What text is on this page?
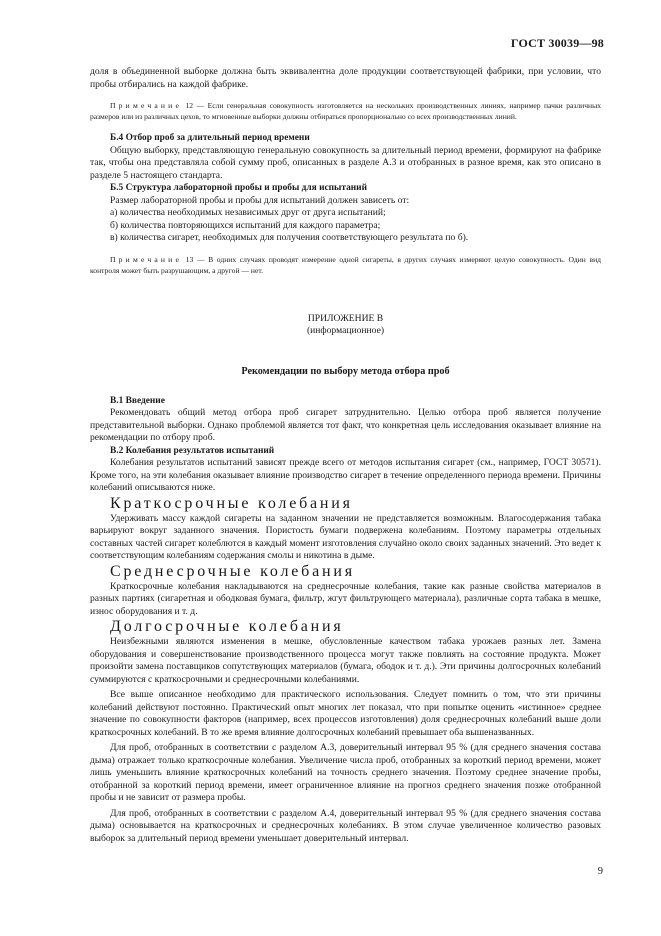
ГОСТ 30039—98

доля в объединенной выборке должна быть эквивалентна доле продукции соответствующей фабрики, при условии, что пробы отбирались на каждой фабрике.

Примечание 12 — Если генеральная совокупность изготовляется на нескольких производственных линиях, например пачки различных размеров или из различных цехов, то мгновенные выборки должны отбираться пропорционально со всех производственных линий.

Б.4 Отбор проб за длительный период времени

Общую выборку, представляющую генеральную совокупность за длительный период времени, формируют на фабрике так, чтобы она представляла собой сумму проб, описанных в разделе А.3 и отобранных в разное время, как это описано в разделе 5 настоящего стандарта.

Б.5 Структура лабораторной пробы и пробы для испытаний

Размер лабораторной пробы и пробы для испытаний должен зависеть от:

а) количества необходимых независимых друг от друга испытаний;
б) количества повторяющихся испытаний для каждого параметра;
в) количества сигарет, необходимых для получения соответствующего результата по б).

Примечание 13 — В одних случаях проводят измерение одной сигареты, в других случаях измеряют целую совокупность. Один вид контроля может быть разрушающим, а другой — нет.

ПРИЛОЖЕНИЕ В
(информационное)
Рекомендации по выбору метода отбора проб
В.1 Введение

Рекомендовать общий метод отбора проб сигарет затруднительно. Целью отбора проб является получение представительной выборки. Однако проблемой является тот факт, что конкретная цель исследования оказывает влияние на рекомендации по отбору проб.

В.2 Колебания результатов испытаний

Колебания результатов испытаний зависят прежде всего от методов испытания сигарет (см., например, ГОСТ 30571). Кроме того, на эти колебания оказывает влияние производство сигарет в течение определенного периода времени. Причины колебаний описываются ниже.

Краткосрочные колебания

Удерживать массу каждой сигареты на заданном значении не представляется возможным. Влагосодержания табака варьируют вокруг заданного значения. Пористость бумаги подвержена колебаниям. Поэтому параметры отдельных составных частей сигарет колеблются в каждый момент изготовления случайно около своих заданных значений. Это ведет к соответствующим колебаниям содержания смолы и никотина в дыме.

Среднесрочные колебания

Краткосрочные колебания накладываются на среднесрочные колебания, такие как разные свойства материалов в разных партиях (сигаретная и ободковая бумага, фильтр, жгут фильтрующего материала), различные сорта табака в мешке, износ оборудования и т. д.

Долгосрочные колебания

Неизбежными являются изменения в мешке, обусловленные качеством табака урожаев разных лет. Замена оборудования и совершенствование производственного процесса могут также повлиять на состояние продукта. Может произойти замена поставщиков сопутствующих материалов (бумага, ободок и т. д.). Эти причины долгосрочных колебаний суммируются с краткосрочными и среднесрочными колебаниями.

Все выше описанное необходимо для практического использования. Следует помнить о том, что эти причины колебаний действуют постоянно. Практический опыт многих лет показал, что при попытке оценить «истинное» среднее значение по совокупности факторов (например, всех процессов изготовления) доля среднесрочных колебаний выше доли краткосрочных колебаний. В то же время влияние долгосрочных колебаний превышает оба вышеназванных.

Для проб, отобранных в соответствии с разделом А.3, доверительный интервал 95 % (для среднего значения состава дыма) отражает только краткосрочные колебания. Увеличение числа проб, отобранных за короткий период времени, может лишь уменьшить влияние краткосрочных колебаний на точность среднего значения. Поэтому среднее значение пробы, отобранной за короткий период времени, имеет ограниченное влияние на прогноз среднего значения позже отобранной пробы и не зависит от размера пробы.

Для проб, отобранных в соответствии с разделом А.4, доверительный интервал 95 % (для среднего значения состава дыма) основывается на краткосрочных и среднесрочных колебаниях. В этом случае увеличенное количество разовых выборок за длительный период времени уменьшает доверительный интервал.

9
